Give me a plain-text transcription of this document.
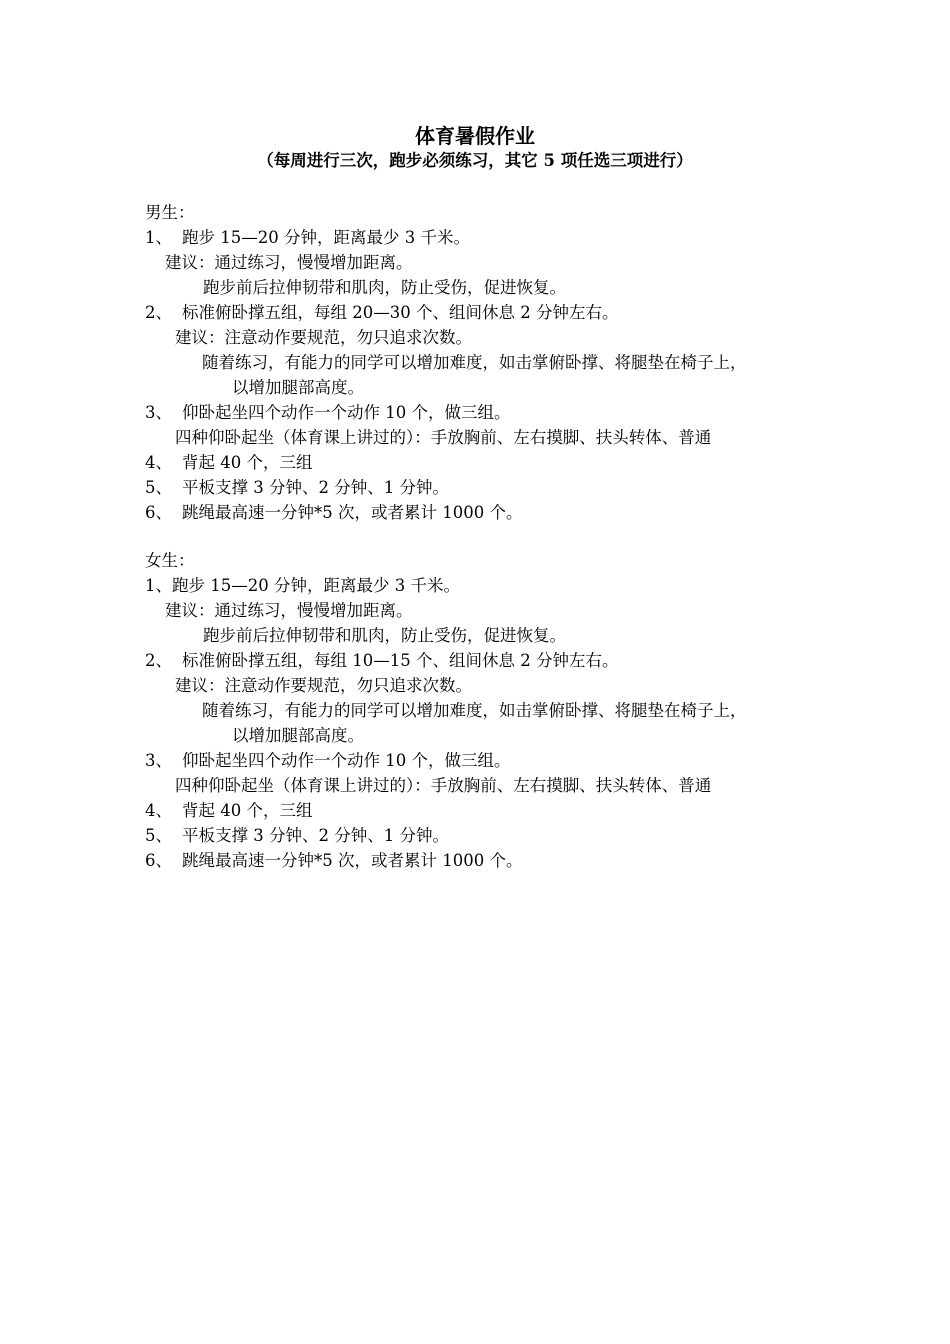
体育暑假作业
（每周进行三次，跑步必须练习，其它 5 项任选三项进行）
男生：
1、 跑步 15—20 分钟，距离最少 3 千米。
建议：通过练习，慢慢增加距离。
跑步前后拉伸韧带和肌肉，防止受伤，促进恢复。
2、 标准俯卧撑五组，每组 20—30 个、组间休息 2 分钟左右。
建议：注意动作要规范，勿只追求次数。
随着练习，有能力的同学可以增加难度，如击掌俯卧撑、将腿垫在椅子上，
以增加腿部高度。
3、 仰卧起坐四个动作一个动作 10 个，做三组。
四种仰卧起坐（体育课上讲过的）：手放胸前、左右摸脚、扶头转体、普通
4、 背起 40 个，三组
5、 平板支撑 3 分钟、2 分钟、1 分钟。
6、 跳绳最高速一分钟*5 次，或者累计 1000 个。
女生：
1、跑步 15—20 分钟，距离最少 3 千米。
建议：通过练习，慢慢增加距离。
跑步前后拉伸韧带和肌肉，防止受伤，促进恢复。
2、 标准俯卧撑五组，每组 10—15 个、组间休息 2 分钟左右。
建议：注意动作要规范，勿只追求次数。
随着练习，有能力的同学可以增加难度，如击掌俯卧撑、将腿垫在椅子上，
以增加腿部高度。
3、 仰卧起坐四个动作一个动作 10 个，做三组。
四种仰卧起坐（体育课上讲过的）：手放胸前、左右摸脚、扶头转体、普通
4、 背起 40 个，三组
5、 平板支撑 3 分钟、2 分钟、1 分钟。
6、 跳绳最高速一分钟*5 次，或者累计 1000 个。
